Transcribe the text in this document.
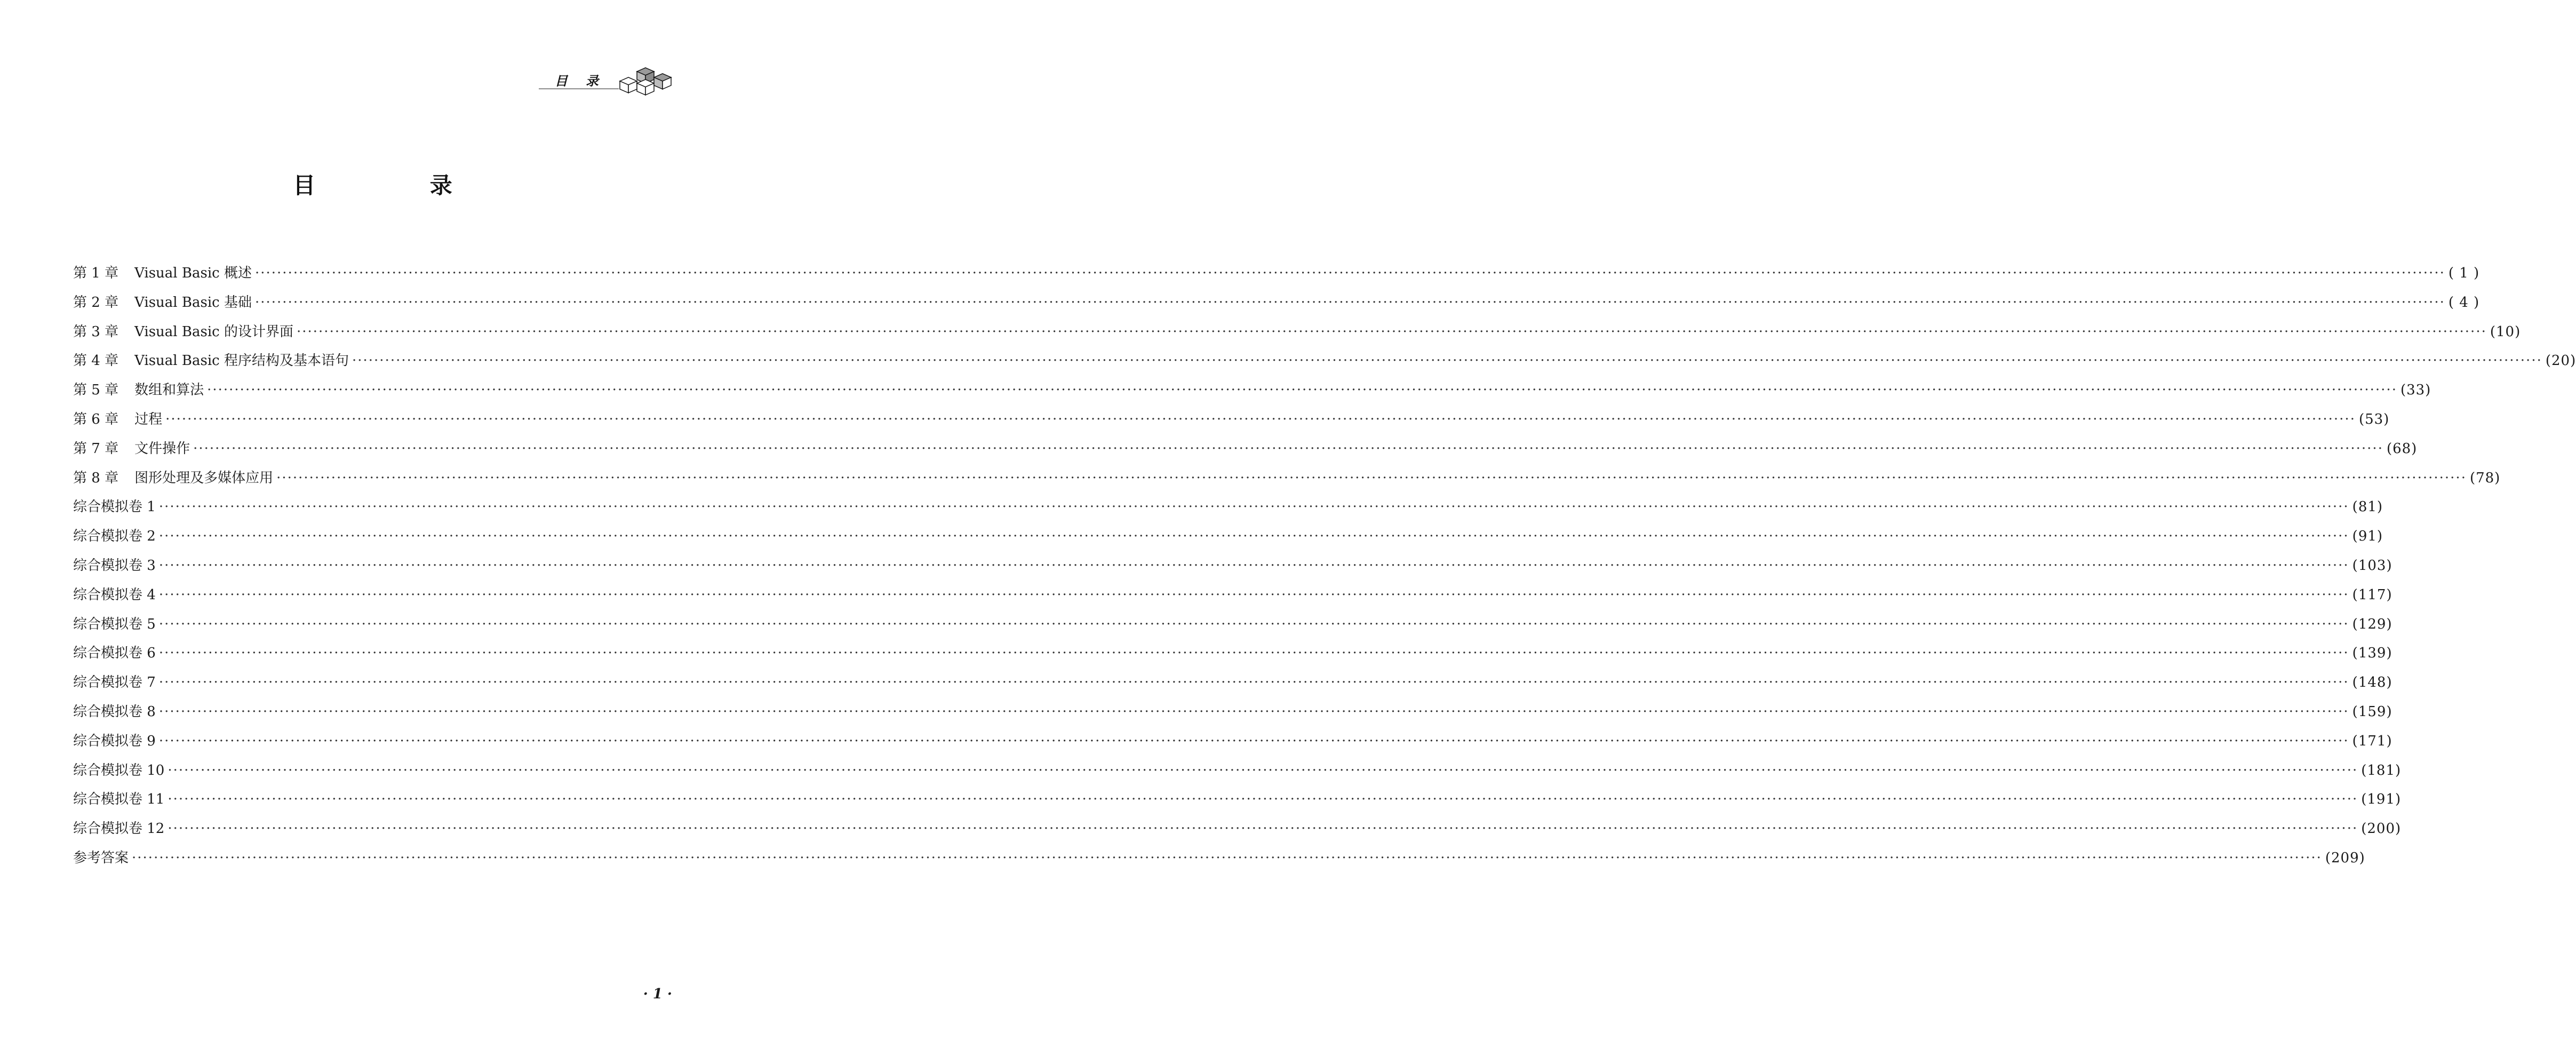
目录
目 录
第 1 章 Visual Basic 概述 ················································································································································································································································································································································································································ ( 1 )
第 2 章 Visual Basic 基础 ················································································································································································································································································································································································································ ( 4 )
第 3 章 Visual Basic 的设计界面 ················································································································································································································································································································································································································ (10)
第 4 章 Visual Basic 程序结构及基本语句 ················································································································································································································································································································································································································ (20)
第 5 章 数组和算法 ················································································································································································································································································································································································································ (33)
第 6 章 过程 ················································································································································································································································································································································································································ (53)
第 7 章 文件操作 ················································································································································································································································································································································································································ (68)
第 8 章 图形处理及多媒体应用 ················································································································································································································································································································································································································ (78)
综合模拟卷 1 ················································································································································································································································································································································································································ (81)
综合模拟卷 2 ················································································································································································································································································································································································································ (91)
综合模拟卷 3 ················································································································································································································································································································································································································ (103)
综合模拟卷 4 ················································································································································································································································································································································································································ (117)
综合模拟卷 5 ················································································································································································································································································································································································································ (129)
综合模拟卷 6 ················································································································································································································································································································································································································ (139)
综合模拟卷 7 ················································································································································································································································································································································································································ (148)
综合模拟卷 8 ················································································································································································································································································································································································································ (159)
综合模拟卷 9 ················································································································································································································································································································································································································ (171)
综合模拟卷 10 ················································································································································································································································································································································································································ (181)
综合模拟卷 11 ················································································································································································································································································································································································································ (191)
综合模拟卷 12 ················································································································································································································································································································································································································ (200)
参考答案 ················································································································································································································································································································································································································ (209)
· 1 ·
